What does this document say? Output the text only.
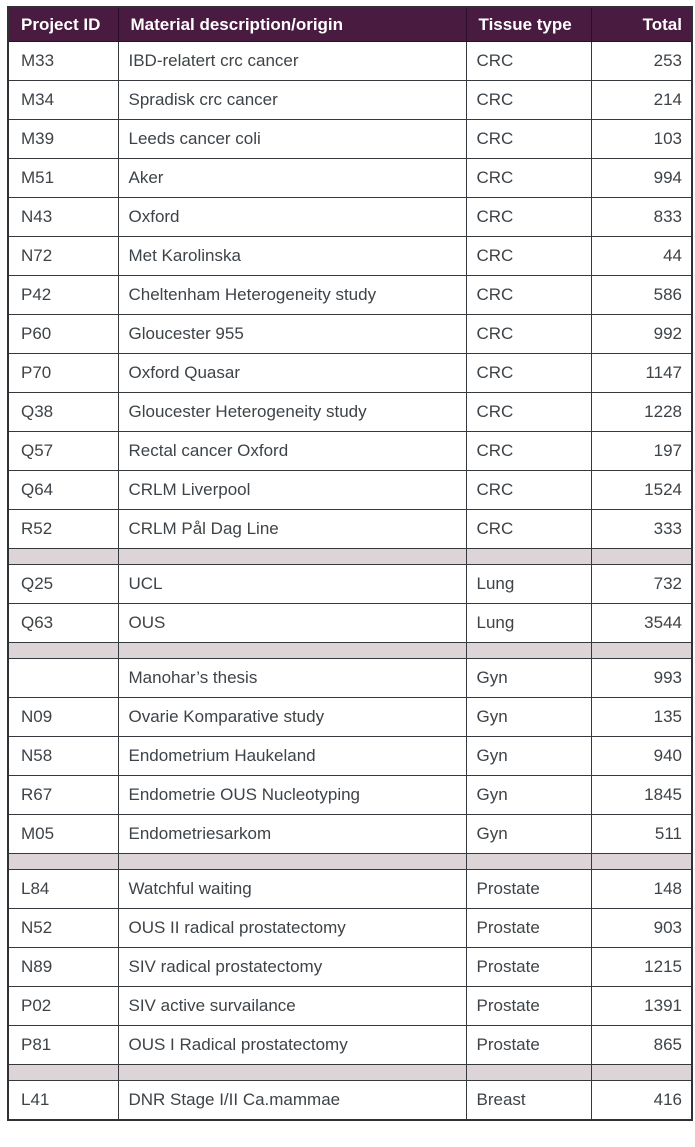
Project ID	Material description/origin	Tissue type	Total
M33	IBD-relatert crc cancer	CRC	253
M34	Spradisk crc cancer	CRC	214
M39	Leeds cancer coli	CRC	103
M51	Aker	CRC	994
N43	Oxford	CRC	833
N72	Met Karolinska	CRC	44
P42	Cheltenham Heterogeneity study	CRC	586
P60	Gloucester 955	CRC	992
P70	Oxford Quasar	CRC	1147
Q38	Gloucester Heterogeneity study	CRC	1228
Q57	Rectal cancer Oxford	CRC	197
Q64	CRLM Liverpool	CRC	1524
R52	CRLM Pål Dag Line	CRC	333

Q25	UCL	Lung	732
Q63	OUS	Lung	3544

	Manohar’s thesis	Gyn	993
N09	Ovarie Komparative study	Gyn	135
N58	Endometrium Haukeland	Gyn	940
R67	Endometrie OUS Nucleotyping	Gyn	1845
M05	Endometriesarkom	Gyn	511

L84	Watchful waiting	Prostate	148
N52	OUS II radical prostatectomy	Prostate	903
N89	SIV radical prostatectomy	Prostate	1215
P02	SIV active survailance	Prostate	1391
P81	OUS I Radical prostatectomy	Prostate	865

L41	DNR Stage I/II Ca.mammae	Breast	416
